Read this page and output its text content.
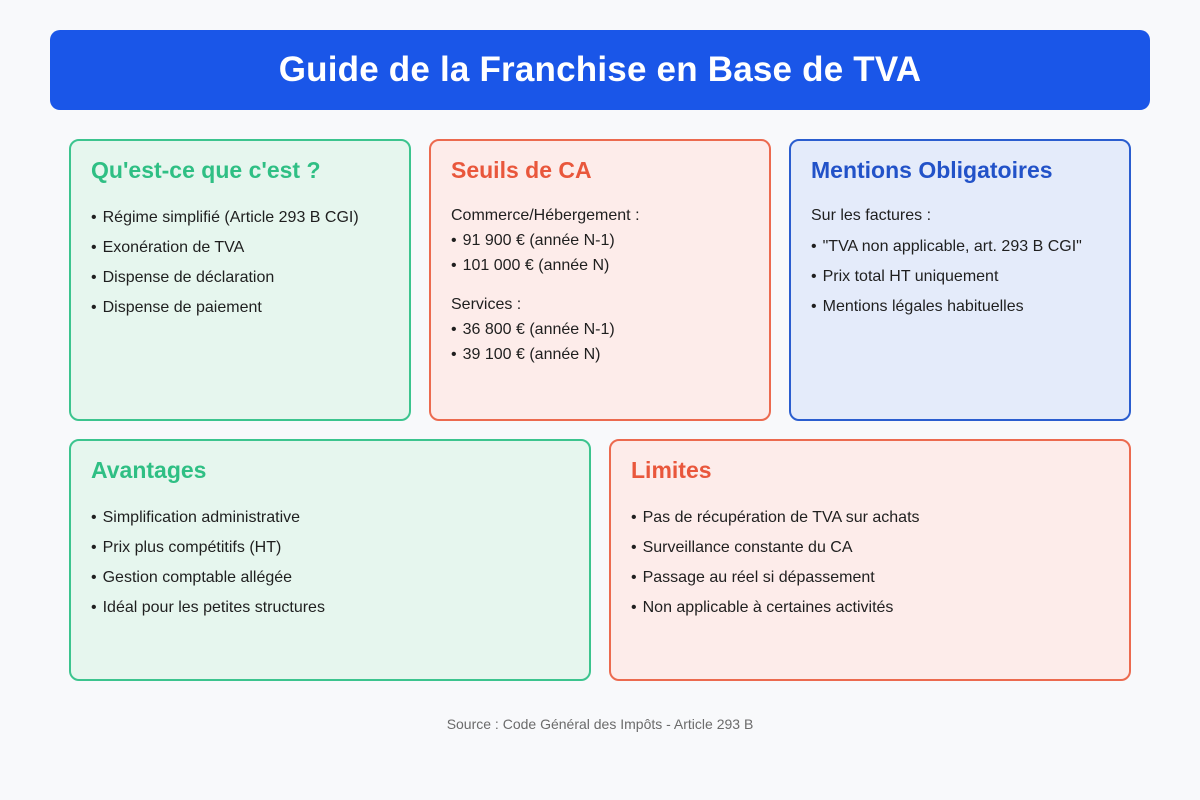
Guide de la Franchise en Base de TVA
Qu'est-ce que c'est ?
• Régime simplifié (Article 293 B CGI)
• Exonération de TVA
• Dispense de déclaration
• Dispense de paiement
Seuils de CA

Commerce/Hébergement :

• 91 900 € (année N-1)
• 101 000 € (année N)

Services :

• 36 800 € (année N-1)
• 39 100 € (année N)
Mentions Obligatoires

Sur les factures :

• "TVA non applicable, art. 293 B CGI"
• Prix total HT uniquement
• Mentions légales habituelles
Avantages
• Simplification administrative
• Prix plus compétitifs (HT)
• Gestion comptable allégée
• Idéal pour les petites structures
Limites
• Pas de récupération de TVA sur achats
• Surveillance constante du CA
• Passage au réel si dépassement
• Non applicable à certaines activités
Source : Code Général des Impôts - Article 293 B
